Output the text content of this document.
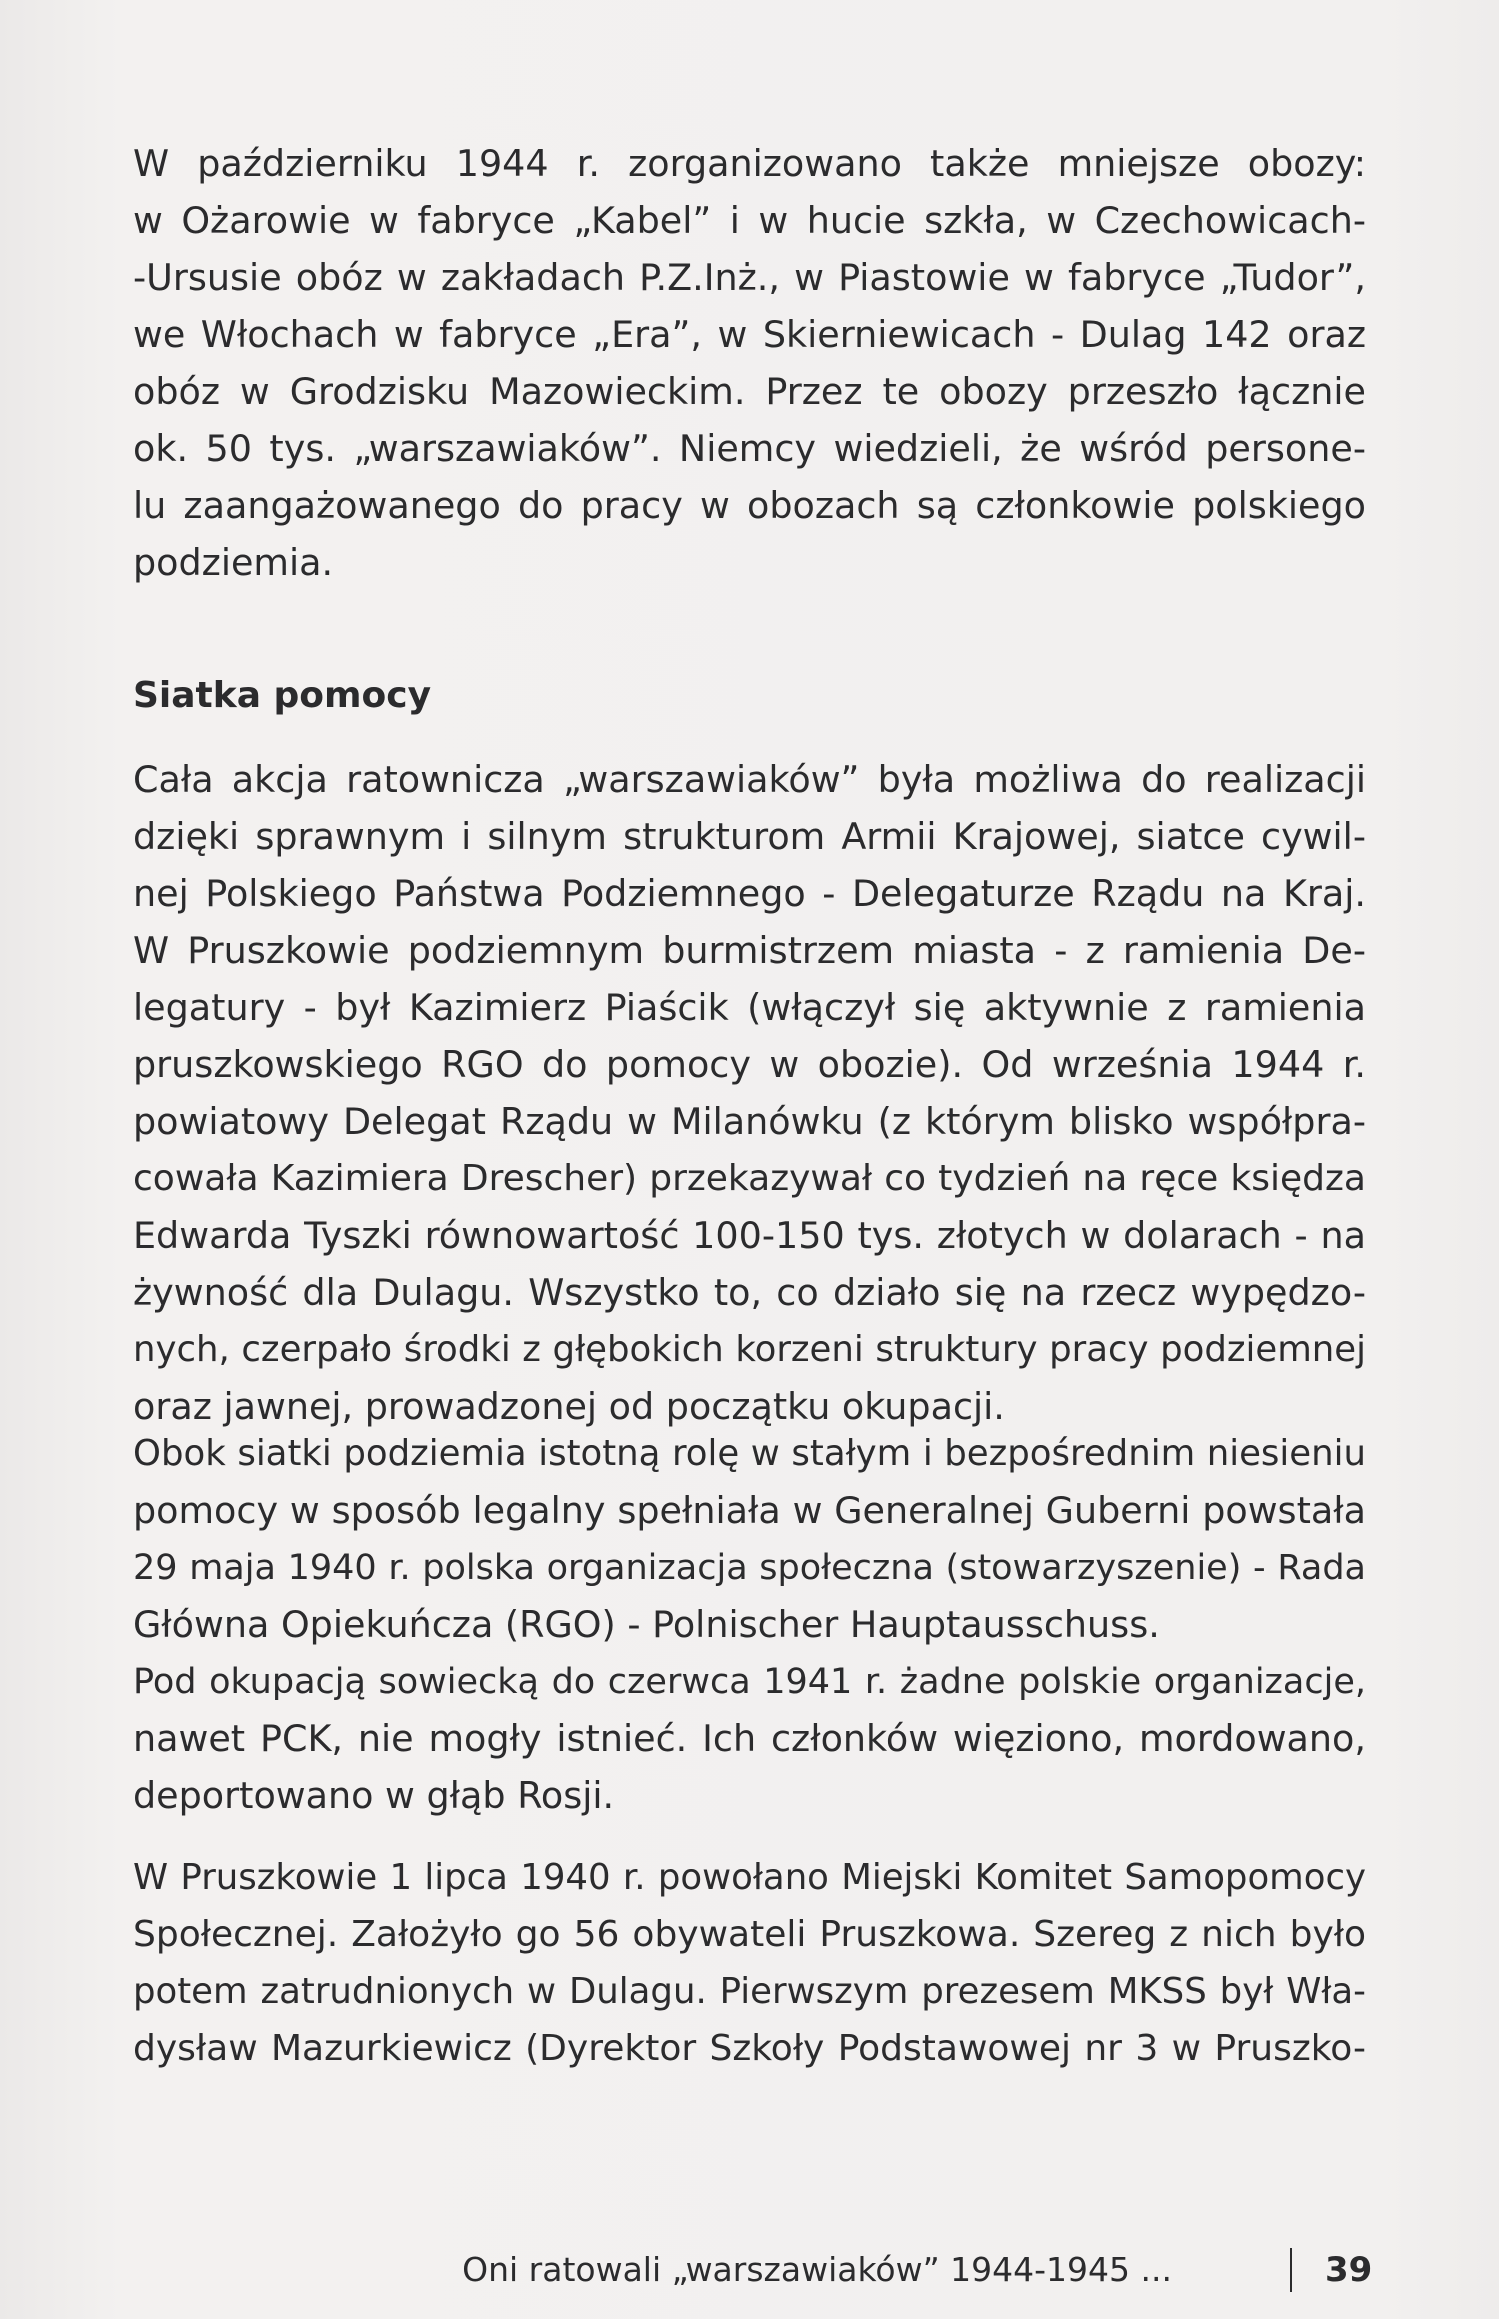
W październiku 1944 r. zorganizowano także mniejsze obozy:
w Ożarowie w fabryce „Kabel” i w hucie szkła, w Czechowicach-
-Ursusie obóz w zakładach P.Z.Inż., w Piastowie w fabryce „Tudor”,
we Włochach w fabryce „Era”, w Skierniewicach - Dulag 142 oraz
obóz w Grodzisku Mazowieckim. Przez te obozy przeszło łącznie
ok. 50 tys. „warszawiaków”. Niemcy wiedzieli, że wśród persone-
lu zaangażowanego do pracy w obozach są członkowie polskiego
podziemia.
Siatka pomocy
Cała akcja ratownicza „warszawiaków” była możliwa do realizacji
dzięki sprawnym i silnym strukturom Armii Krajowej, siatce cywil-
nej Polskiego Państwa Podziemnego - Delegaturze Rządu na Kraj.
W Pruszkowie podziemnym burmistrzem miasta - z ramienia De-
legatury - był Kazimierz Piaścik (włączył się aktywnie z ramienia
pruszkowskiego RGO do pomocy w obozie). Od września 1944 r.
powiatowy Delegat Rządu w Milanówku (z którym blisko współpra-
cowała Kazimiera Drescher) przekazywał co tydzień na ręce księdza
Edwarda Tyszki równowartość 100-150 tys. złotych w dolarach - na
żywność dla Dulagu. Wszystko to, co działo się na rzecz wypędzo-
nych, czerpało środki z głębokich korzeni struktury pracy podziemnej
oraz jawnej, prowadzonej od początku okupacji.
Obok siatki podziemia istotną rolę w stałym i bezpośrednim niesieniu
pomocy w sposób legalny spełniała w Generalnej Guberni powstała
29 maja 1940 r. polska organizacja społeczna (stowarzyszenie) - Rada
Główna Opiekuńcza (RGO) - Polnischer Hauptausschuss.
Pod okupacją sowiecką do czerwca 1941 r. żadne polskie organizacje,
nawet PCK, nie mogły istnieć. Ich członków więziono, mordowano,
deportowano w głąb Rosji.
W Pruszkowie 1 lipca 1940 r. powołano Miejski Komitet Samopomocy
Społecznej. Założyło go 56 obywateli Pruszkowa. Szereg z nich było
potem zatrudnionych w Dulagu. Pierwszym prezesem MKSS był Wła-
dysław Mazurkiewicz (Dyrektor Szkoły Podstawowej nr 3 w Pruszko-
Oni ratowali „warszawiaków” 1944-1945 ...	39
